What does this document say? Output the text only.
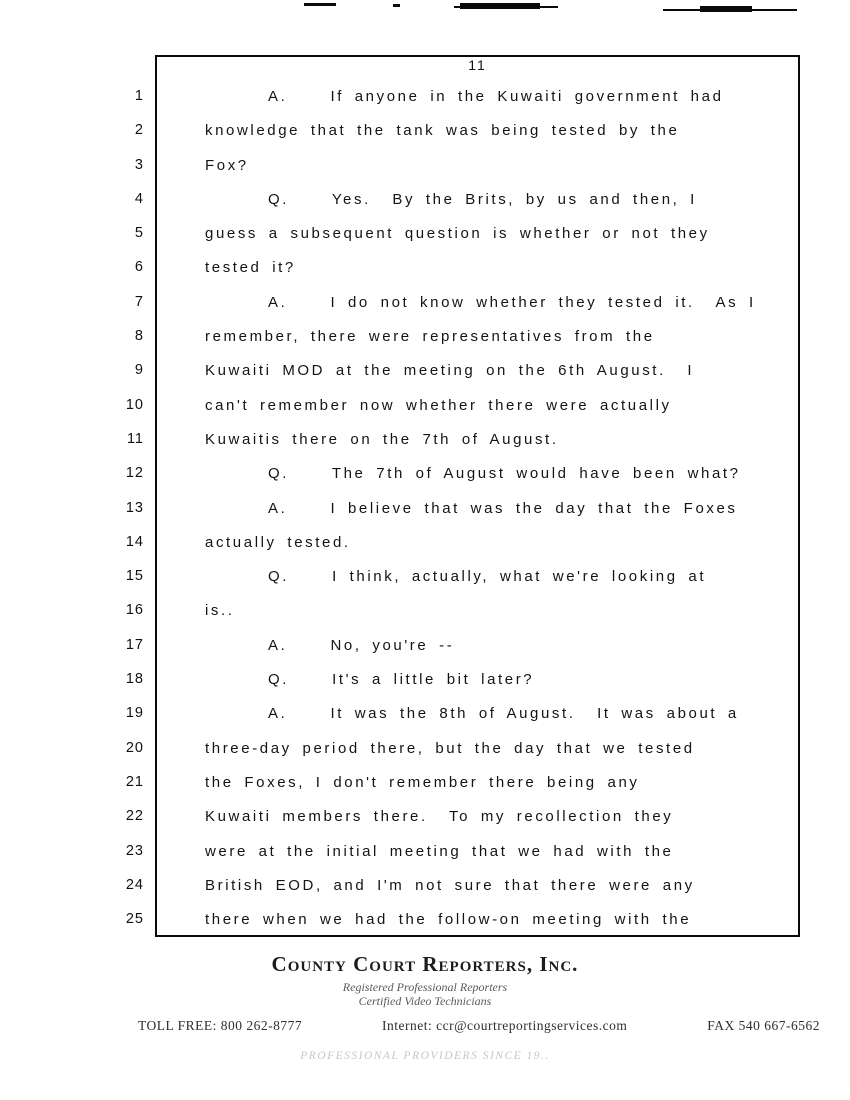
11
1
2
3
4
5
6
7
8
9
10
11
12
13
14
15
16
17
18
19
20
21
22
23
24
25
A.    If anyone in the Kuwaiti government had
knowledge that the tank was being tested by the
Fox?
Q.    Yes.  By the Brits, by us and then, I
guess a subsequent question is whether or not they
tested it?
A.    I do not know whether they tested it.  As I
remember, there were representatives from the
Kuwaiti MOD at the meeting on the 6th August.  I
can't remember now whether there were actually
Kuwaitis there on the 7th of August.
Q.    The 7th of August would have been what?
A.    I believe that was the day that the Foxes
actually tested.
Q.    I think, actually, what we're looking at
is..
A.    No, you're --
Q.    It's a little bit later?
A.    It was the 8th of August.  It was about a
three-day period there, but the day that we tested
the Foxes, I don't remember there being any
Kuwaiti members there.  To my recollection they
were at the initial meeting that we had with the
British EOD, and I'm not sure that there were any
there when we had the follow-on meeting with the
County Court Reporters, Inc.
Registered Professional Reporters
Certified Video Technicians
TOLL FREE: 800 262-8777	Internet: ccr@courtreportingservices.com	FAX 540 667-6562
PROFESSIONAL PROVIDERS SINCE 19..
